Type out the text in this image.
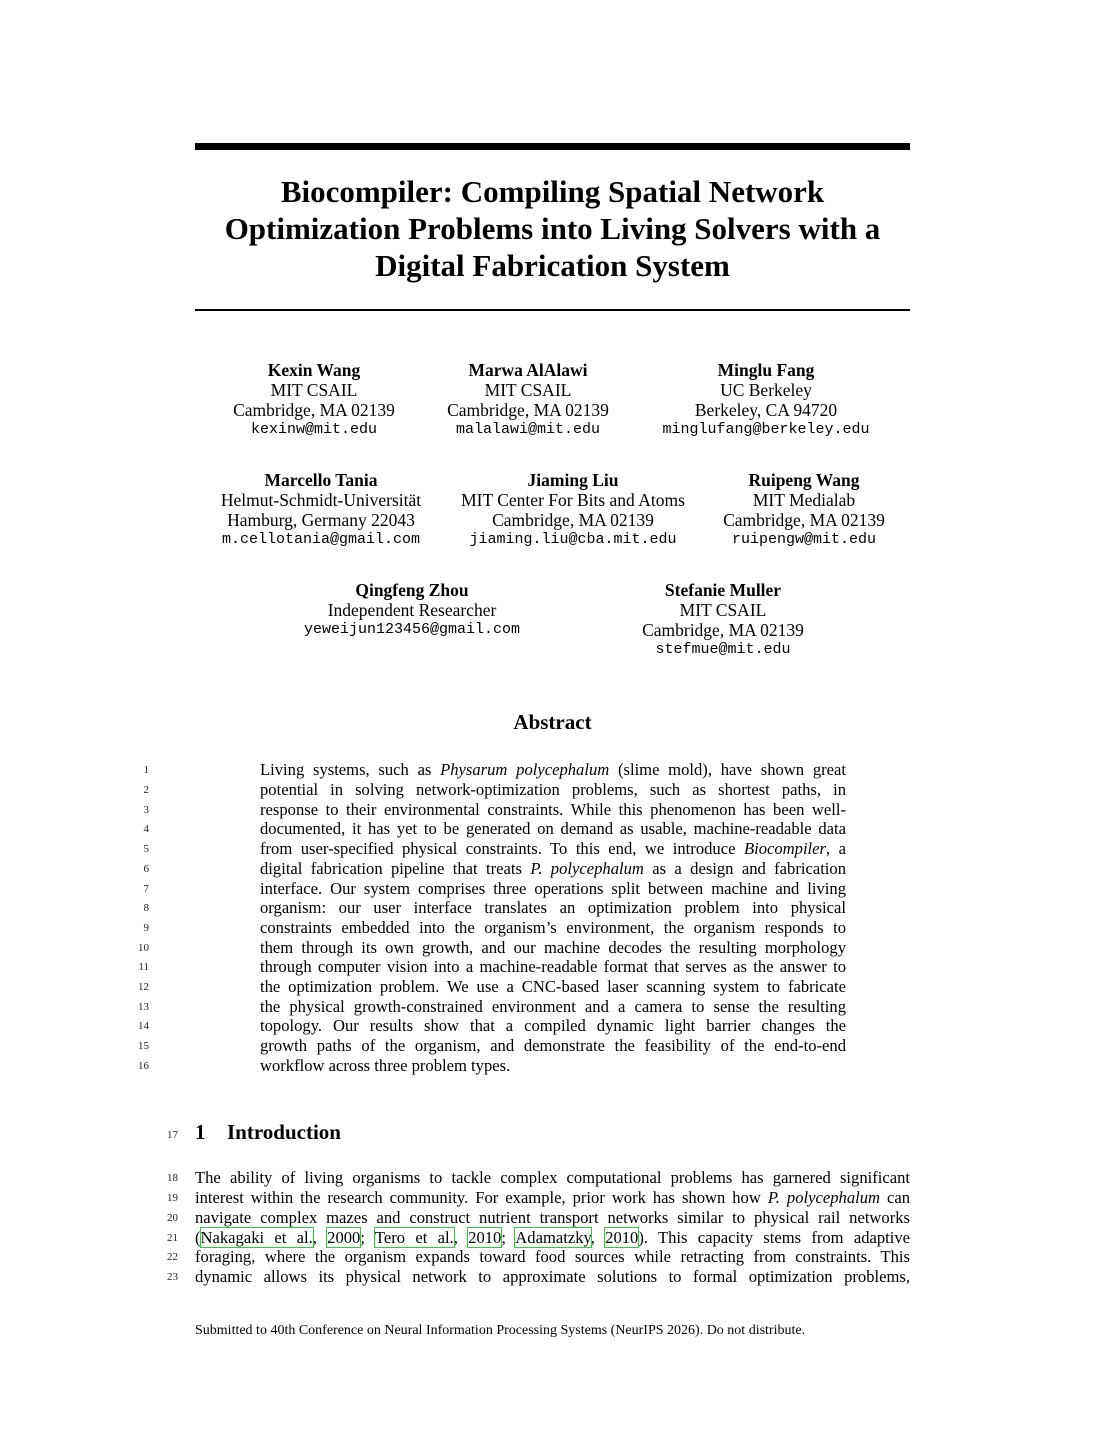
Biocompiler: Compiling Spatial Network
Optimization Problems into Living Solvers with a
Digital Fabrication System
Kexin Wang
MIT CSAIL
Cambridge, MA 02139
kexinw@mit.edu
Marwa AlAlawi
MIT CSAIL
Cambridge, MA 02139
malalawi@mit.edu
Minglu Fang
UC Berkeley
Berkeley, CA 94720
minglufang@berkeley.edu
Marcello Tania
Helmut-Schmidt-Universität
Hamburg, Germany 22043
m.cellotania@gmail.com
Jiaming Liu
MIT Center For Bits and Atoms
Cambridge, MA 02139
jiaming.liu@cba.mit.edu
Ruipeng Wang
MIT Medialab
Cambridge, MA 02139
ruipengw@mit.edu
Qingfeng Zhou
Independent Researcher
yeweijun123456@gmail.com
Stefanie Muller
MIT CSAIL
Cambridge, MA 02139
stefmue@mit.edu
Abstract
1	Living systems, such as Physarum polycephalum (slime mold), have shown great
2	potential in solving network-optimization problems, such as shortest paths, in
3	response to their environmental constraints. While this phenomenon has been well-
4	documented, it has yet to be generated on demand as usable, machine-readable data
5	from user-specified physical constraints. To this end, we introduce Biocompiler, a
6	digital fabrication pipeline that treats P. polycephalum as a design and fabrication
7	interface. Our system comprises three operations split between machine and living
8	organism: our user interface translates an optimization problem into physical
9	constraints embedded into the organism’s environment, the organism responds to
10	them through its own growth, and our machine decodes the resulting morphology
11	through computer vision into a machine-readable format that serves as the answer to
12	the optimization problem. We use a CNC-based laser scanning system to fabricate
13	the physical growth-constrained environment and a camera to sense the resulting
14	topology. Our results show that a compiled dynamic light barrier changes the
15	growth paths of the organism, and demonstrate the feasibility of the end-to-end
16	workflow across three problem types.
17 1 Introduction
18 The ability of living organisms to tackle complex computational problems has garnered significant
19 interest within the research community. For example, prior work has shown how P. polycephalum can
20 navigate complex mazes and construct nutrient transport networks similar to physical rail networks
21 (Nakagaki et al., 2000; Tero et al., 2010; Adamatzky, 2010). This capacity stems from adaptive
22 foraging, where the organism expands toward food sources while retracting from constraints. This
23 dynamic allows its physical network to approximate solutions to formal optimization problems,
Submitted to 40th Conference on Neural Information Processing Systems (NeurIPS 2026). Do not distribute.
